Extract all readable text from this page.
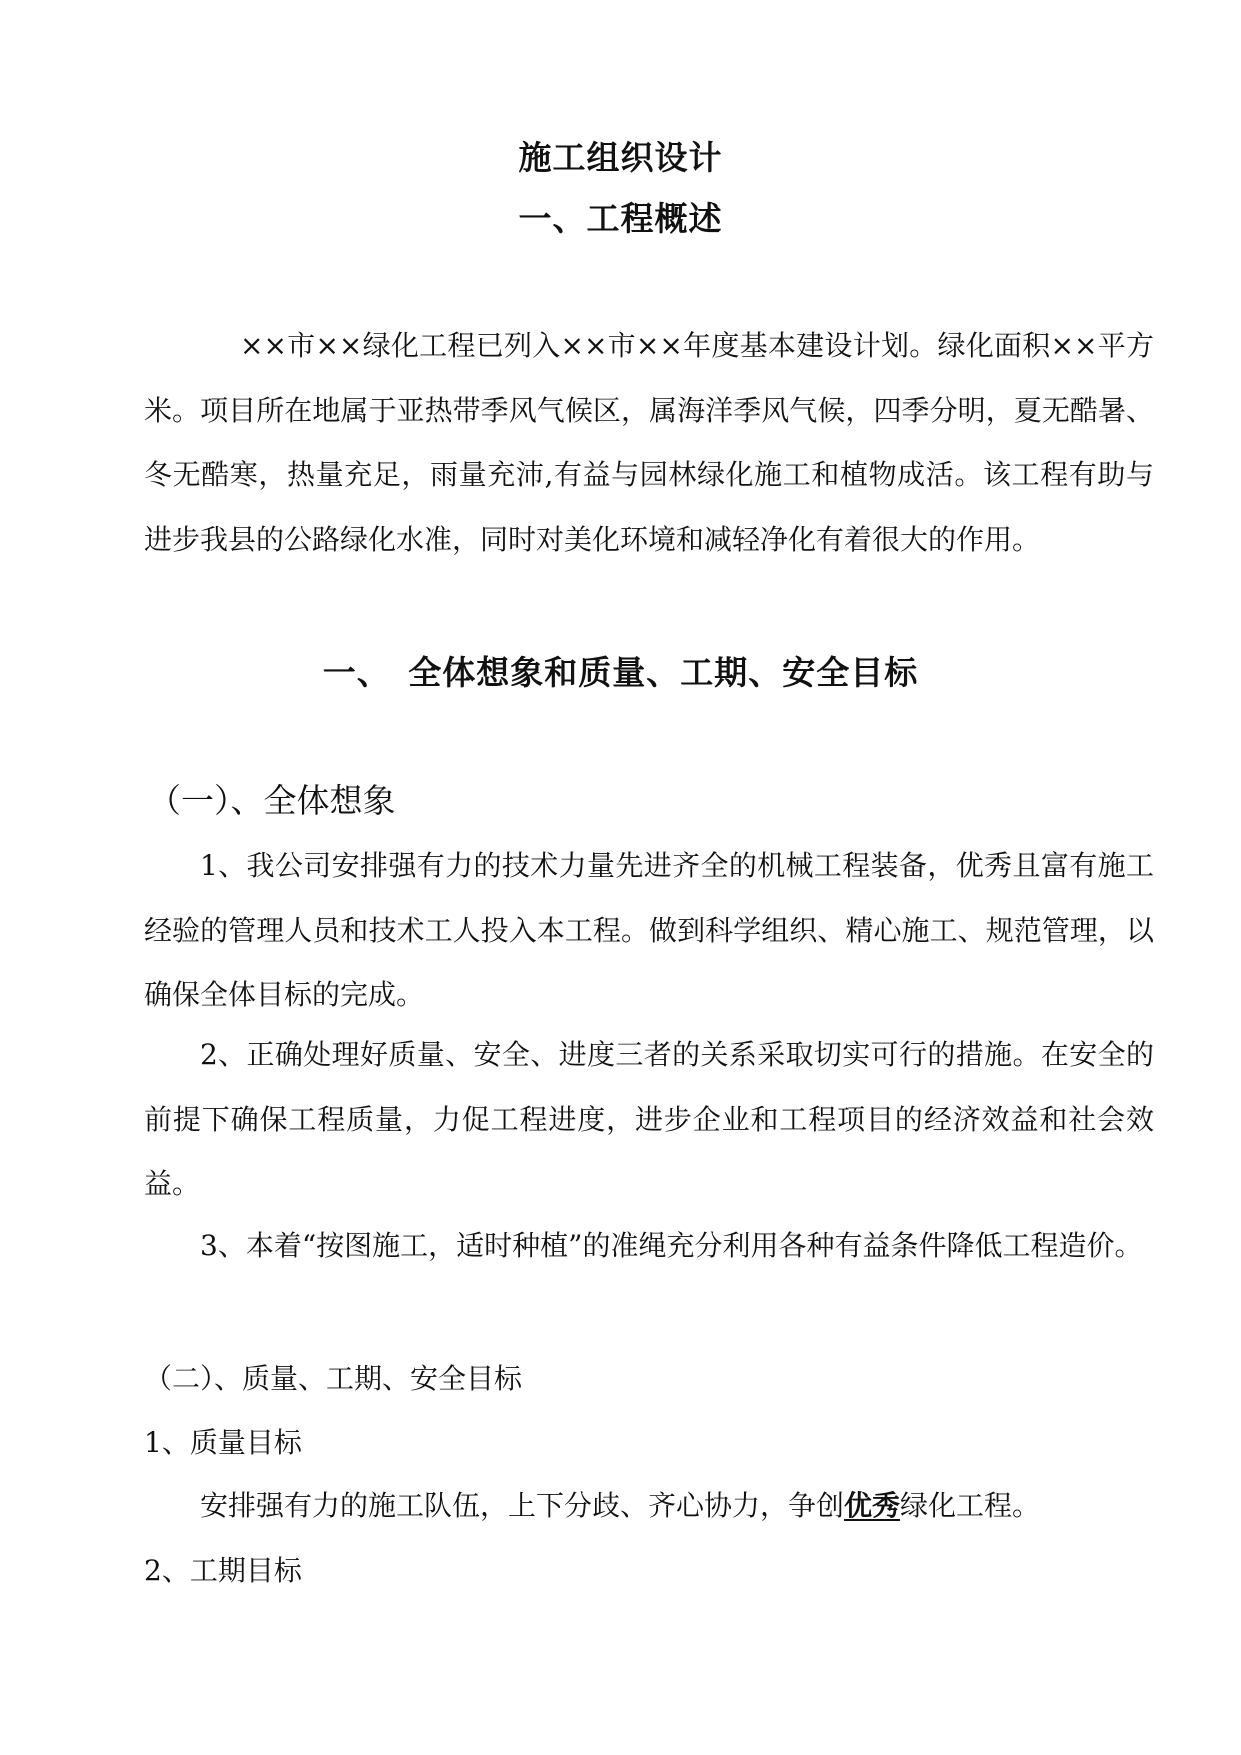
施工组织设计
一、工程概述

××市××绿化工程已列入××市××年度基本建设计划。绿化面积××平方米。项目所在地属于亚热带季风气候区，属海洋季风气候，四季分明，夏无酷暑、冬无酷寒，热量充足，雨量充沛,有益与园林绿化施工和植物成活。该工程有助与进步我县的公路绿化水准，同时对美化环境和减轻净化有着很大的作用。

一、　全体想象和质量、工期、安全目标
（一）、全体想象

1、我公司安排强有力的技术力量先进齐全的机械工程装备，优秀且富有施工经验的管理人员和技术工人投入本工程。做到科学组织、精心施工、规范管理，以确保全体目标的完成。

2、正确处理好质量、安全、进度三者的关系采取切实可行的措施。在安全的前提下确保工程质量，力促工程进度，进步企业和工程项目的经济效益和社会效益。

3、本着“按图施工，适时种植”的准绳充分利用各种有益条件降低工程造价。

（二）、质量、工期、安全目标
1、质量目标
安排强有力的施工队伍，上下分歧、齐心协力，争创优秀绿化工程。
2、工期目标
